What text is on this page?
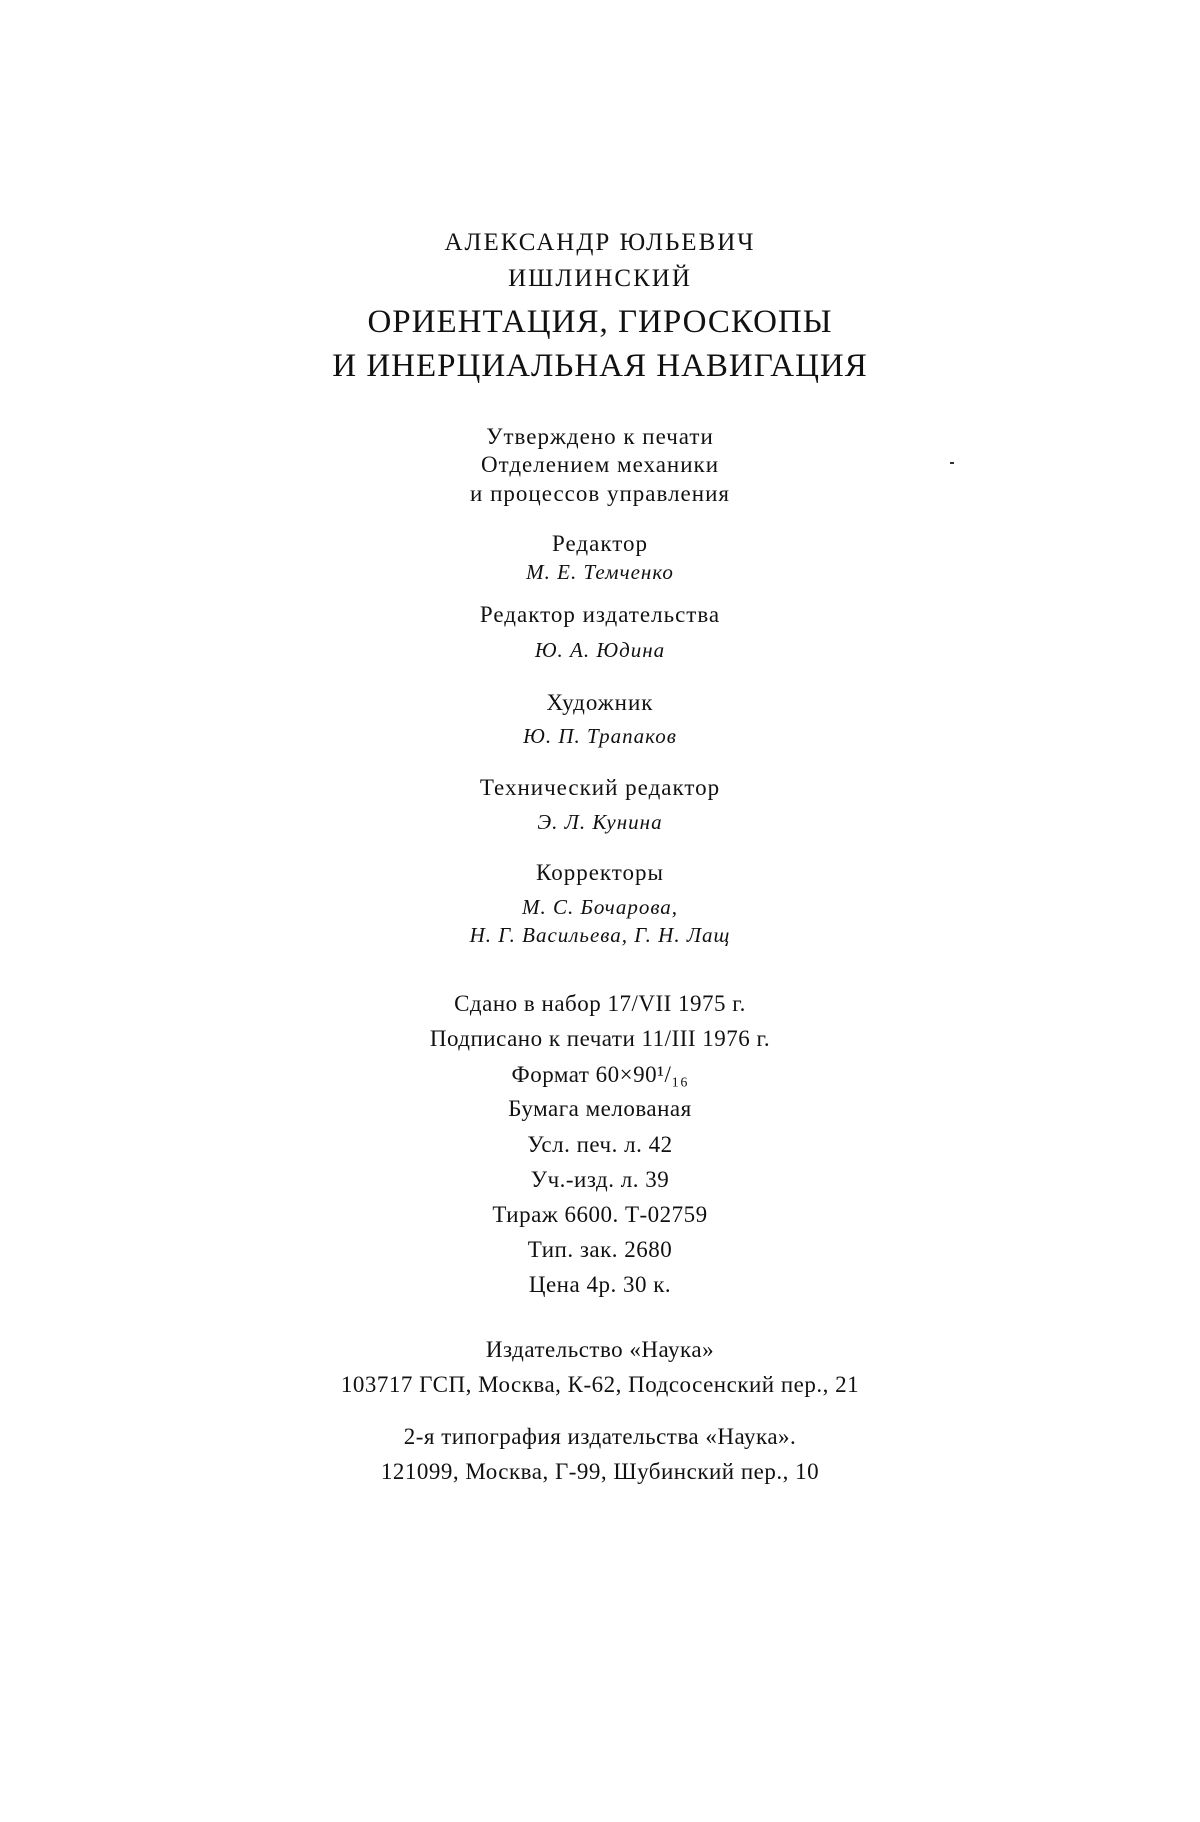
АЛЕКСАНДР ЮЛЬЕВИЧ
ИШЛИНСКИЙ
ОРИЕНТАЦИЯ, ГИРОСКОПЫ
И ИНЕРЦИАЛЬНАЯ НАВИГАЦИЯ
Утверждено к печати
Отделением механики
и процессов управления
Редактор
М. Е. Темченко
Редактор издательства
Ю. А. Юдина
Художник
Ю. П. Трапаков
Технический редактор
Э. Л. Кунина
Корректоры
М. С. Бочарова,
Н. Г. Васильева, Г. Н. Лащ
Сдано в набор 17/VII 1975 г.
Подписано к печати 11/III 1976 г.
Формат 60×90¹/₁₆
Бумага мелованая
Усл. печ. л. 42
Уч.-изд. л. 39
Тираж 6600. Т-02759
Тип. зак. 2680
Цена 4р. 30 к.
Издательство «Наука»
103717 ГСП, Москва, К-62, Подсосенский пер., 21
2-я типография издательства «Наука».
121099, Москва, Г-99, Шубинский пер., 10
